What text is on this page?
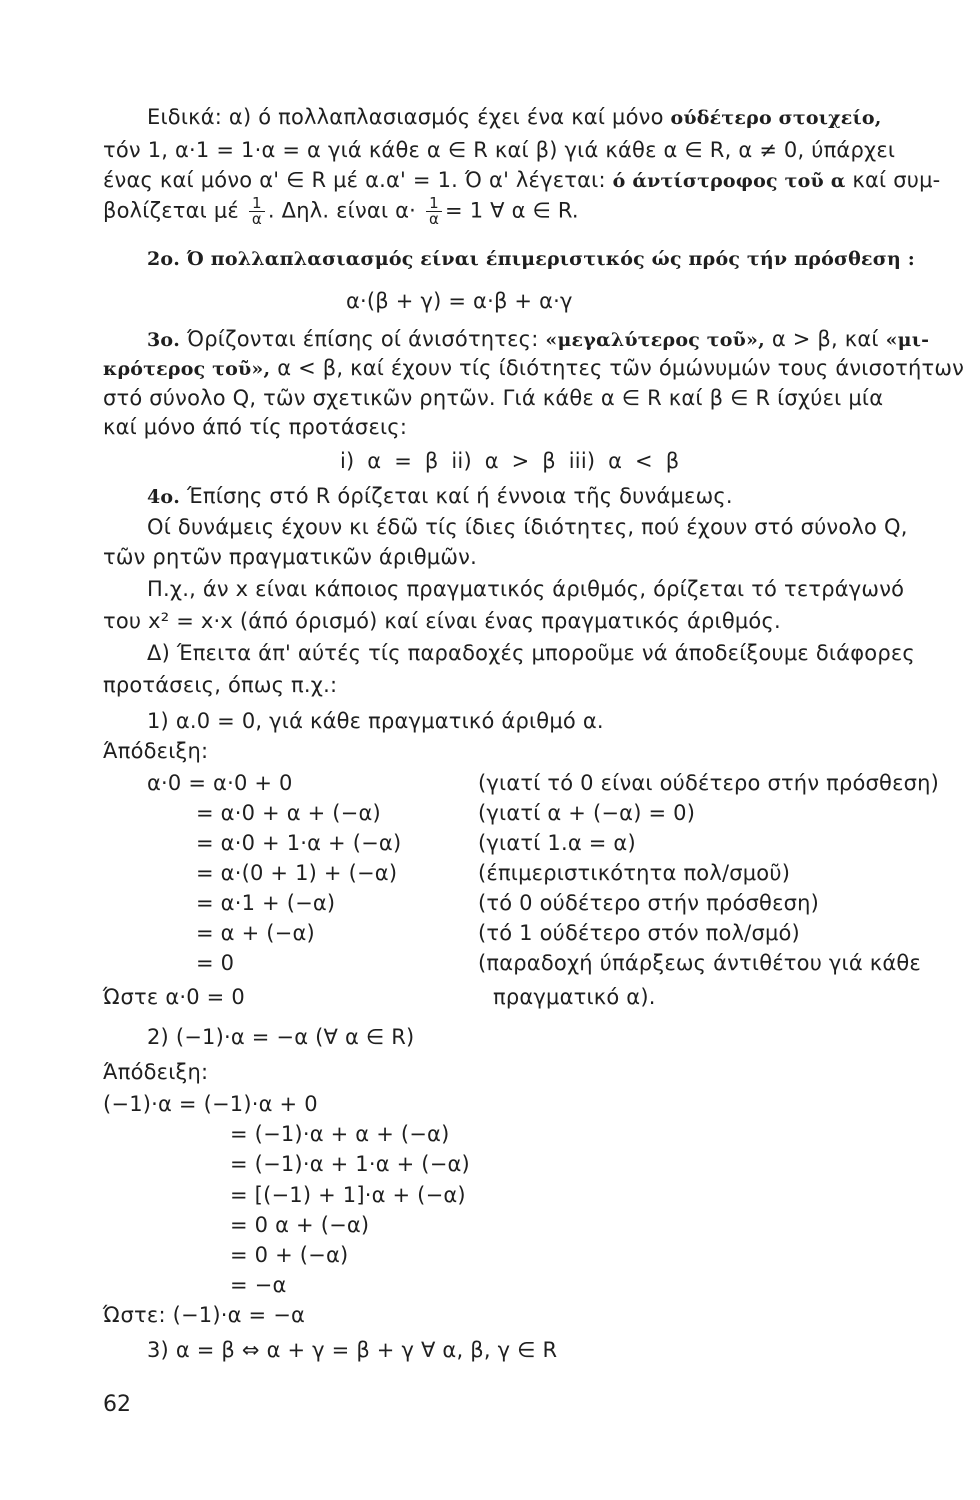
Ειδικά: α) ό πολλαπλασιασμός έχει ένα καί μόνο ούδέτερο στοιχείο,
τόν 1, α·1 = 1·α = α γιά κάθε α ∈ R καί β) γιά κάθε α ∈ R, α ≠ 0, ύπάρχει
ένας καί μόνο α' ∈ R μέ α.α' = 1. Ό α' λέγεται: ό άντίστροφος τοῦ α καί συμ-
βολίζεται μέ $\frac{1}{\alpha}$ . Δηλ. είναι $\alpha\cdot \frac{1}{\alpha} = 1$ ∀ α ∈ R.
2ο. Ό πολλαπλασιασμός είναι έπιμεριστικός ώς πρός τήν πρόσθεση :
α·(β + γ) = α·β + α·γ
3ο. Όρίζονται έπίσης οί άνισότητες: «μεγαλύτερος τοῦ», α > β, καί «μι-
κρότερος τοῦ», α < β, καί έχουν τίς ίδιότητες τῶν όμώνυμών τους άνισοτήτων
στό σύνολο Q, τῶν σχετικῶν ρητῶν. Γιά κάθε α ∈ R καί β ∈ R ίσχύει μία
καί μόνο άπό τίς προτάσεις:
i) α = β ii) α > β iii) α < β
4ο. Έπίσης στό R όρίζεται καί ή έννοια τῆς δυνάμεως.
Οί δυνάμεις έχουν κι έδῶ τίς ίδιες ίδιότητες, πού έχουν στό σύνολο Q,
τῶν ρητῶν πραγματικῶν άριθμῶν.
Π.χ., άν x είναι κάποιος πραγματικός άριθμός, όρίζεται τό τετράγωνό
του x² = x·x (άπό όρισμό) καί είναι ένας πραγματικός άριθμός.
Δ) Έπειτα άπ' αύτές τίς παραδοχές μποροῦμε νά άποδείξουμε διάφορες
προτάσεις, όπως π.χ.:
1) α.0 = 0, γιά κάθε πραγματικό άριθμό α.
Άπόδειξη:
α·0 = α·0 + 0	(γιατί τό 0 είναι ούδέτερο στήν πρόσθεση)
= α·0 + α + (−α)	(γιατί α + (−α) = 0)
= α·0 + 1·α + (−α)	(γιατί 1.α = α)
= α·(0 + 1) + (−α)	(έπιμεριστικότητα πολ/σμοῦ)
= α·1 + (−α)	(τό 0 ούδέτερο στήν πρόσθεση)
= α + (−α)	(τό 1 ούδέτερο στόν πολ/σμό)
= 0	(παραδοχή ύπάρξεως άντιθέτου γιά κάθε
Ώστε α·0 = 0	πραγματικό α).
2) (−1)·α = −α (∀ α ∈ R)
Άπόδειξη:
(−1)·α = (−1)·α + 0
= (−1)·α + α + (−α)
= (−1)·α + 1·α + (−α)
= [(−1) + 1]·α + (−α)
= 0 α + (−α)
= 0 + (−α)
= −α
Ώστε: (−1)·α = −α
3) α = β ⇔ α + γ = β + γ ∀ α, β, γ ∈ R
62
